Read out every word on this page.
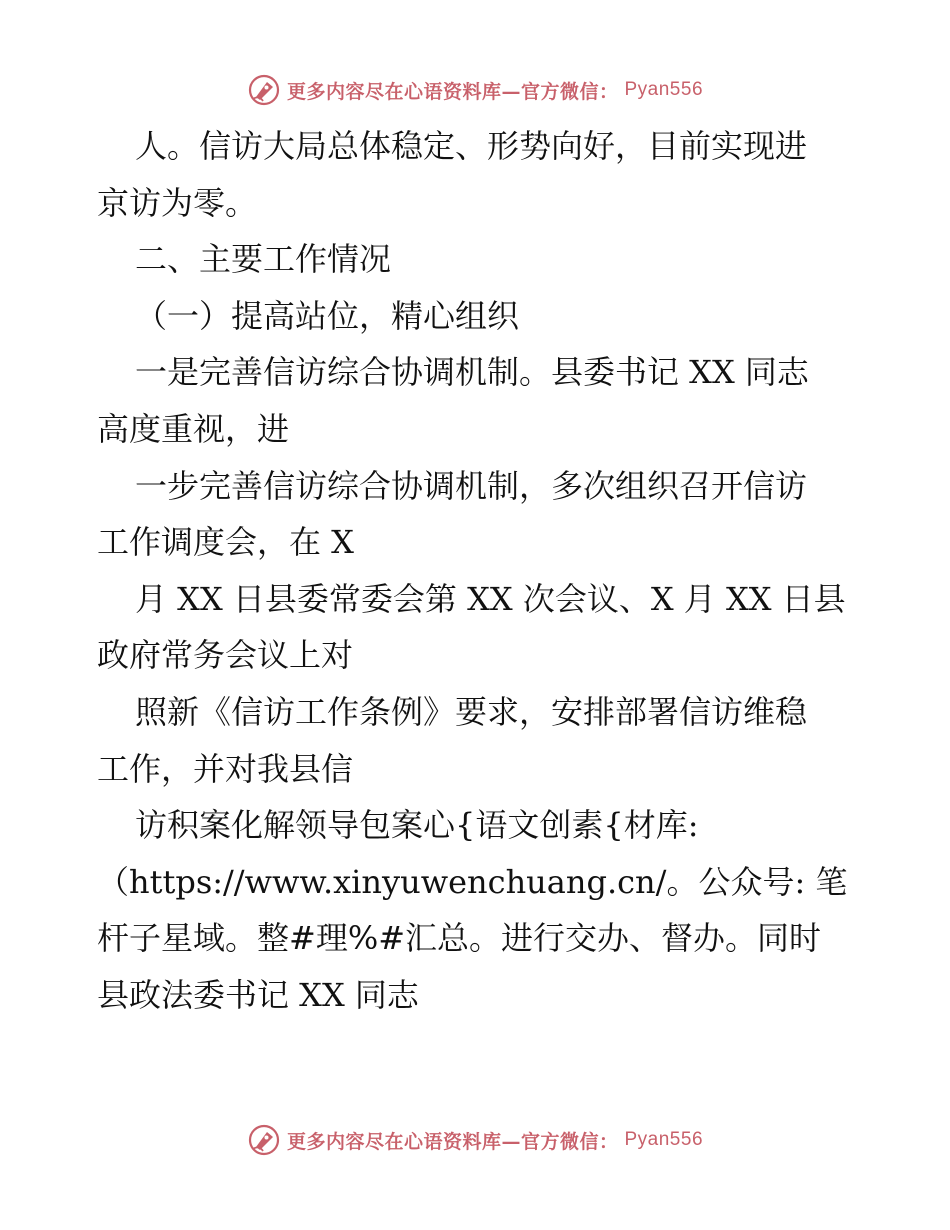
更多内容尽在心语资料库—官方微信： Pyan556
人。信访大局总体稳定、形势向好，目前实现进
京访为零。
二、主要工作情况
（一）提高站位，精心组织
一是完善信访综合协调机制。县委书记 XX 同志
高度重视，进
一步完善信访综合协调机制，多次组织召开信访
工作调度会，在 X
月 XX 日县委常委会第 XX 次会议、X 月 XX 日县
政府常务会议上对
照新《信访工作条例》要求，安排部署信访维稳
工作，并对我县信
访积案化解领导包案心{语文创素{材库:
（https://www.xinyuwenchuang.cn/。公众号: 笔
杆子星域。整#理%#汇总。进行交办、督办。同时
县政法委书记 XX 同志
更多内容尽在心语资料库—官方微信： Pyan556
